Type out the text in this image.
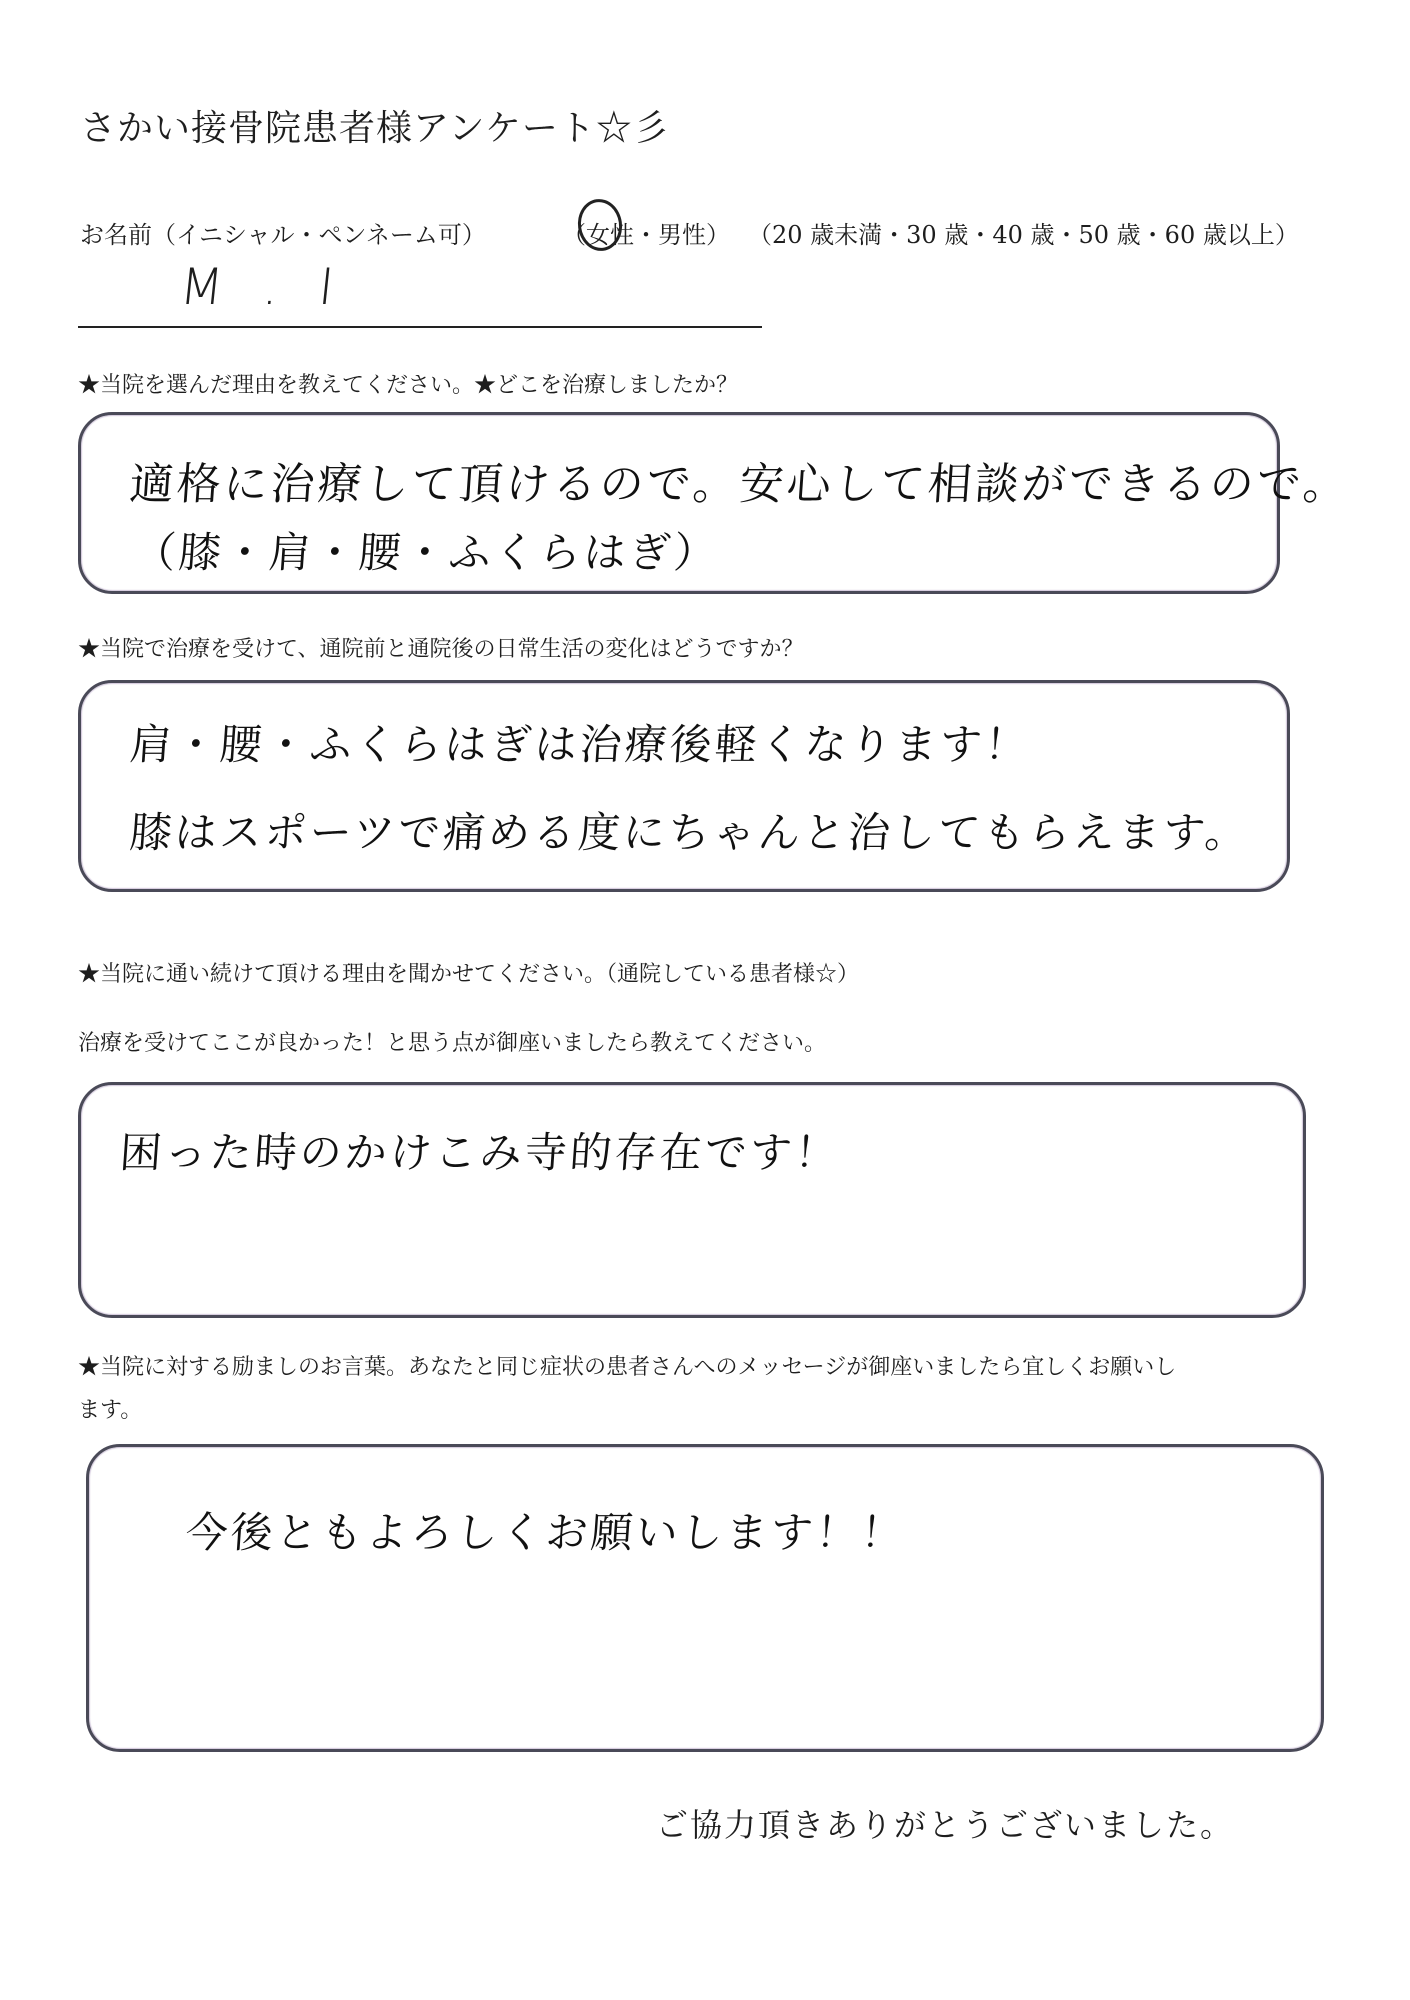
さかい接骨院患者様アンケート☆彡
お名前（イニシャル・ペンネーム可）	（女性・男性） （20 歳未満・30 歳・40 歳・50 歳・60 歳以上）
M . I
★当院を選んだ理由を教えてください。★どこを治療しましたか？
適格に治療して頂けるので。安心して相談ができるので。
（膝・肩・腰・ふくらはぎ）
★当院で治療を受けて、通院前と通院後の日常生活の変化はどうですか？
肩・腰・ふくらはぎは治療後軽くなります！
膝はスポーツで痛める度にちゃんと治してもらえます。
★当院に通い続けて頂ける理由を聞かせてください。（通院している患者様☆）
治療を受けてここが良かった！と思う点が御座いましたら教えてください。
困った時のかけこみ寺的存在です！
★当院に対する励ましのお言葉。あなたと同じ症状の患者さんへのメッセージが御座いましたら宜しくお願いし
ます。
今後ともよろしくお願いします！！
ご協力頂きありがとうございました。
